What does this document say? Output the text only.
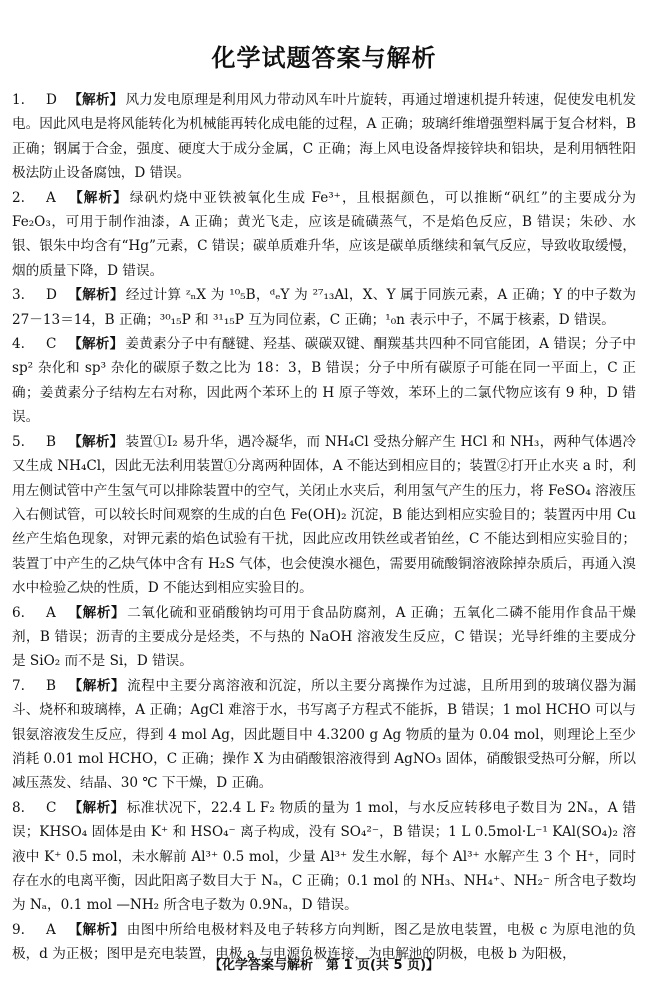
化学试题答案与解析

1. D 【解析】 风力发电原理是利用风力带动风车叶片旋转，再通过增速机提升转速，促使发电机发电。因此风电是将风能转化为机械能再转化成电能的过程，A 正确；玻璃纤维增强塑料属于复合材料，B 正确；钢属于合金，强度、硬度大于成分金属，C 正确；海上风电设备焊接锌块和铝块，是利用牺牲阳极法防止设备腐蚀，D 错误。

2. A 【解析】 绿矾灼烧中亚铁被氧化生成 Fe³⁺，且根据颜色，可以推断“矾红”的主要成分为 Fe₂O₃，可用于制作油漆，A 正确；黄光飞走，应该是硫磺蒸气，不是焰色反应，B 错误；朱砂、水银、银朱中均含有“Hg”元素，C 错误；碳单质难升华，应该是碳单质继续和氧气反应，导致收取缓慢，烟的质量下降，D 错误。

3. D 【解析】 经过计算 ᶻₙX 为 ¹⁰₅B，ᵈₑY 为 ²⁷₁₃Al，X、Y 属于同族元素，A 正确；Y 的中子数为 27－13＝14，B 正确；³⁰₁₅P 和 ³¹₁₅P 互为同位素，C 正确；¹₀n 表示中子，不属于核素，D 错误。

4. C 【解析】 姜黄素分子中有醚键、羟基、碳碳双键、酮羰基共四种不同官能团，A 错误；分子中 sp² 杂化和 sp³ 杂化的碳原子数之比为 18：3，B 错误；分子中所有碳原子可能在同一平面上，C 正确；姜黄素分子结构左右对称，因此两个苯环上的 H 原子等效，苯环上的二氯代物应该有 9 种，D 错误。

5. B 【解析】 装置①I₂ 易升华，遇冷凝华，而 NH₄Cl 受热分解产生 HCl 和 NH₃，两种气体遇冷又生成 NH₄Cl，因此无法利用装置①分离两种固体，A 不能达到相应目的；装置②打开止水夹 a 时，利用左侧试管中产生氢气可以排除装置中的空气，关闭止水夹后，利用氢气产生的压力，将 FeSO₄ 溶液压入右侧试管，可以较长时间观察的生成的白色 Fe(OH)₂ 沉淀，B 能达到相应实验目的；装置丙中用 Cu 丝产生焰色现象，对钾元素的焰色试验有干扰，因此应改用铁丝或者铂丝，C 不能达到相应实验目的；装置丁中产生的乙炔气体中含有 H₂S 气体，也会使溴水褪色，需要用硫酸铜溶液除掉杂质后，再通入溴水中检验乙炔的性质，D 不能达到相应实验目的。

6. A 【解析】 二氧化硫和亚硝酸钠均可用于食品防腐剂，A 正确；五氧化二磷不能用作食品干燥剂，B 错误；沥青的主要成分是烃类，不与热的 NaOH 溶液发生反应，C 错误；光导纤维的主要成分是 SiO₂ 而不是 Si，D 错误。

7. B 【解析】 流程中主要分离溶液和沉淀，所以主要分离操作为过滤，且所用到的玻璃仪器为漏斗、烧杯和玻璃棒，A 正确；AgCl 难溶于水，书写离子方程式不能拆，B 错误；1 mol HCHO 可以与银氨溶液发生反应，得到 4 mol Ag，因此题目中 4.3200 g Ag 物质的量为 0.04 mol，则理论上至少消耗 0.01 mol HCHO，C 正确；操作 X 为由硝酸银溶液得到 AgNO₃ 固体，硝酸银受热可分解，所以减压蒸发、结晶、30 ℃ 下干燥，D 正确。

8. C 【解析】 标准状况下，22.4 L F₂ 物质的量为 1 mol，与水反应转移电子数目为 2Nₐ，A 错误；KHSO₄ 固体是由 K⁺ 和 HSO₄⁻ 离子构成，没有 SO₄²⁻，B 错误；1 L 0.5mol·L⁻¹ KAl(SO₄)₂ 溶液中 K⁺ 0.5 mol，未水解前 Al³⁺ 0.5 mol，少量 Al³⁺ 发生水解，每个 Al³⁺ 水解产生 3 个 H⁺，同时存在水的电离平衡，因此阳离子数目大于 Nₐ，C 正确；0.1 mol 的 NH₃、NH₄⁺、NH₂⁻ 所含电子数均为 Nₐ，0.1 mol —NH₂ 所含电子数为 0.9Nₐ，D 错误。

9. A 【解析】 由图中所给电极材料及电子转移方向判断，图乙是放电装置，电极 c 为原电池的负极，d 为正极；图甲是充电装置，电极 a 与电源负极连接，为电解池的阴极，电极 b 为阳极，

【化学答案与解析　第 1 页(共 5 页)】
